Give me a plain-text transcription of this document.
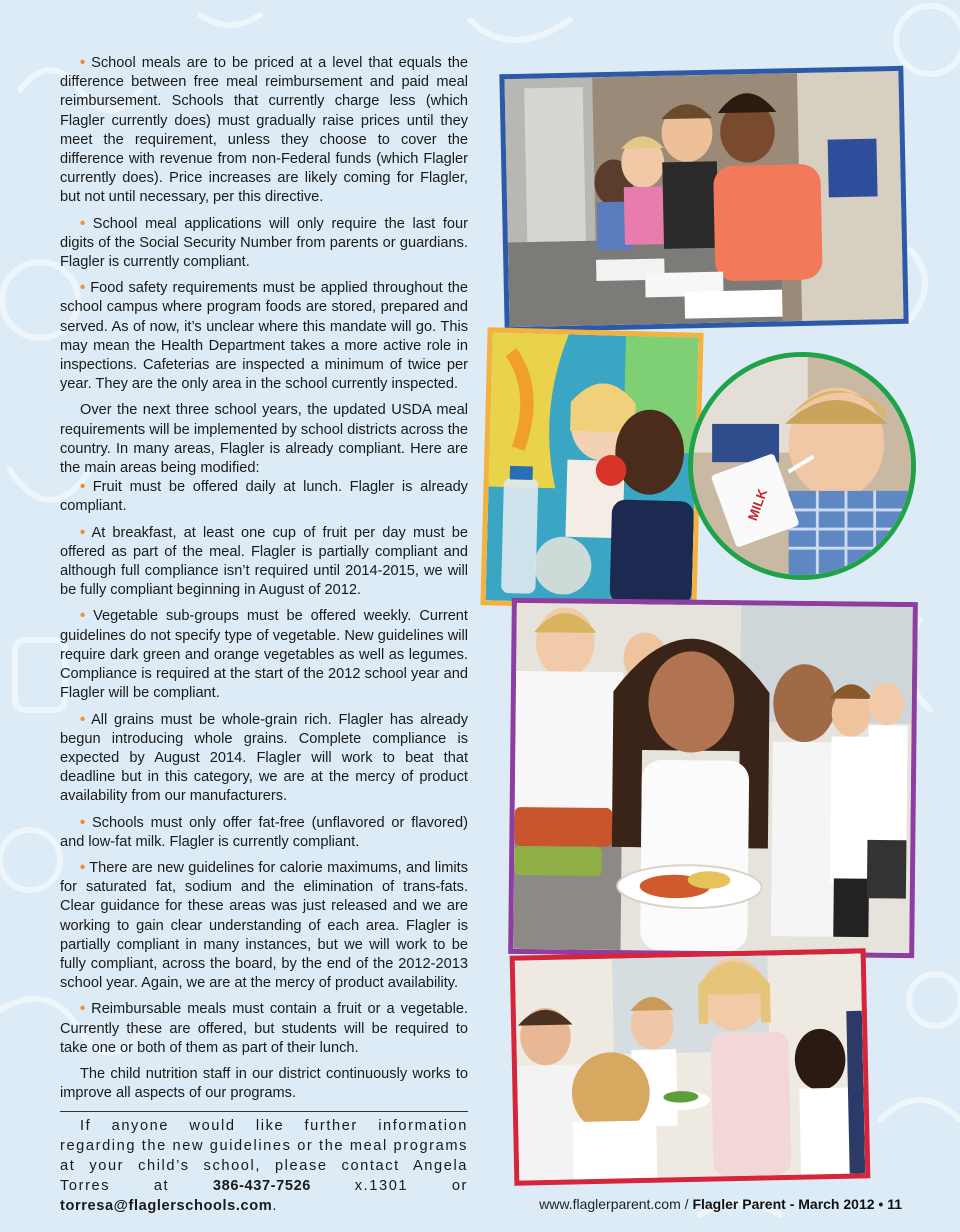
• School meals are to be priced at a level that equals the difference between free meal reimbursement and paid meal reimbursement. Schools that currently charge less (which Flagler currently does) must gradually raise prices until they meet the requirement, unless they choose to cover the difference with revenue from non-Federal funds (which Flagler currently does). Price increases are likely coming for Flagler, but not until necessary, per this directive.

• School meal applications will only require the last four digits of the Social Security Number from parents or guardians. Flagler is currently compliant.

• Food safety requirements must be applied throughout the school campus where program foods are stored, prepared and served. As of now, it’s unclear where this mandate will go. This may mean the Health Department takes a more active role in inspections. Cafeterias are inspected a minimum of twice per year. They are the only area in the school currently inspected.

Over the next three school years, the updated USDA meal requirements will be implemented by school districts across the country. In many areas, Flagler is already compliant. Here are the main areas being modified:

• Fruit must be offered daily at lunch. Flagler is already compliant.

• At breakfast, at least one cup of fruit per day must be offered as part of the meal. Flagler is partially compliant and although full compliance isn’t required until 2014-2015, we will be fully compliant beginning in August of 2012.

• Vegetable sub-groups must be offered weekly. Current guidelines do not specify type of vegetable. New guidelines will require dark green and orange vegetables as well as legumes. Compliance is required at the start of the 2012 school year and Flagler will be compliant.

• All grains must be whole-grain rich. Flagler has already begun introducing whole grains. Complete compliance is expected by August 2014. Flagler will work to beat that deadline but in this category, we are at the mercy of product availability from our manufacturers.

• Schools must only offer fat-free (unflavored or flavored) and low-fat milk. Flagler is currently compliant.

• There are new guidelines for calorie maximums, and limits for saturated fat, sodium and the elimination of trans-fats. Clear guidance for these areas was just released and we are working to gain clear understanding of each area. Flagler is partially compliant in many instances, but we will work to be fully compliant, across the board, by the end of the 2012-2013 school year. Again, we are at the mercy of product availability.

• Reimbursable meals must contain a fruit or a vegetable. Currently these are offered, but students will be required to take one or both of them as part of their lunch.

The child nutrition staff in our district continuously works to improve all aspects of our programs.

If anyone would like further information regarding the new guidelines or the meal programs at your child’s school, please contact Angela Torres at	386-437-7526	x.1301 or torresa@flaglerschools.com.

MILK
www.flaglerparent.com / Flagler Parent - March 2012 • 11
